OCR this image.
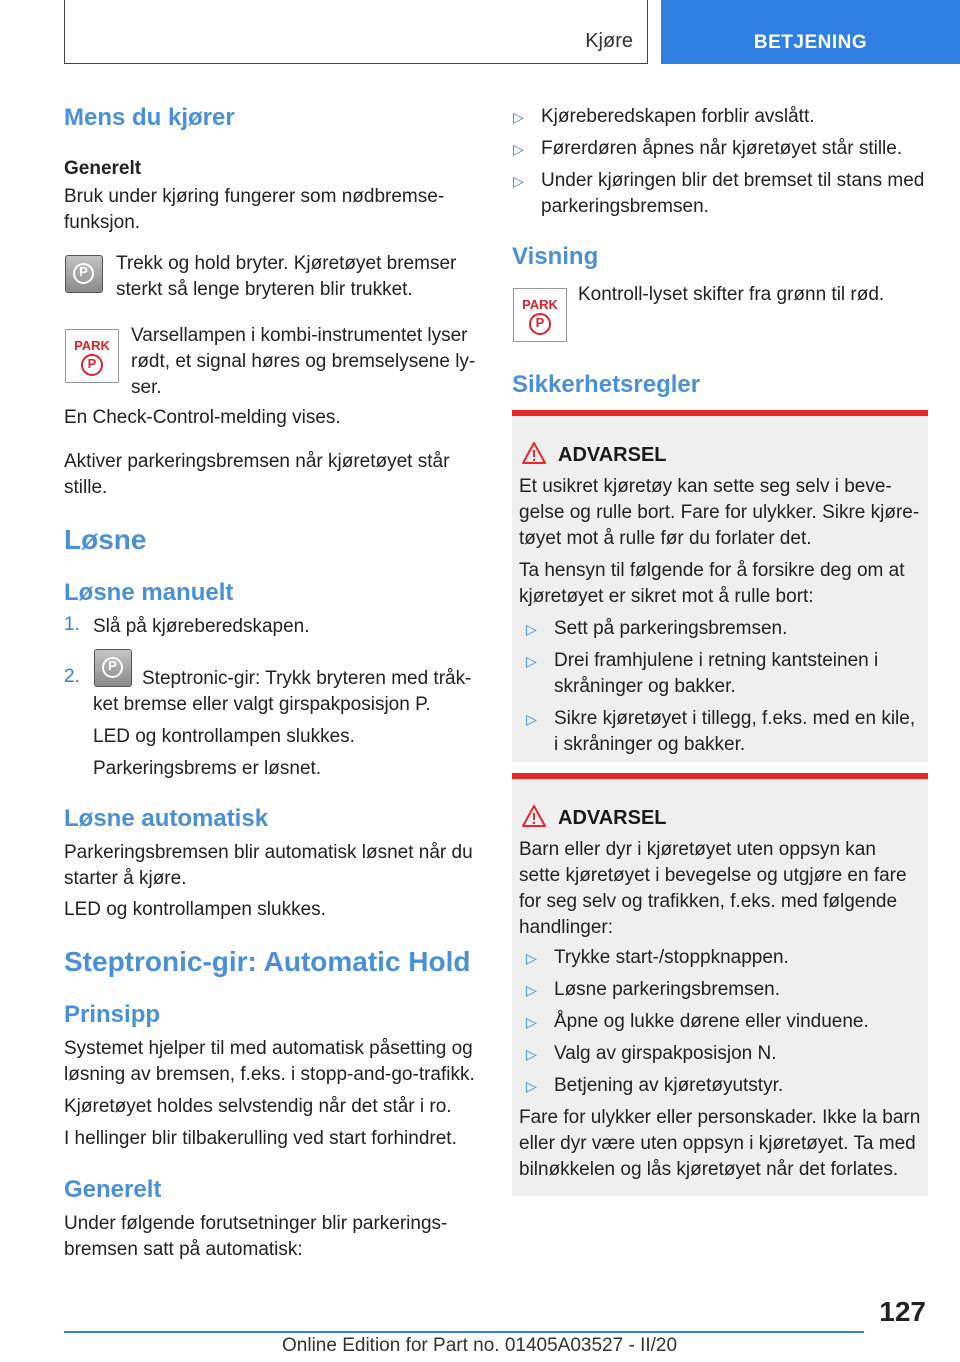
Kjøre	BETJENING
Mens du kjører
Generelt
Bruk under kjøring fungerer som nødbremse-
funksjon.
P
Trekk og hold bryter. Kjøretøyet bremser
sterkt så lenge bryteren blir trukket.
PARK
P	Varsellampen i kombi-instrumentet lyser
rødt, et signal høres og bremselysene ly-
ser.
En Check-Control-melding vises.
Aktiver parkeringsbremsen når kjøretøyet står
stille.
Løsne
Løsne manuelt
1. Slå på kjøreberedskapen.
2.
P	Steptronic-gir: Trykk bryteren med tråk-
ket bremse eller valgt girspakposisjon P.
LED og kontrollampen slukkes.
Parkeringsbrems er løsnet.
Løsne automatisk
Parkeringsbremsen blir automatisk løsnet når du
starter å kjøre.
LED og kontrollampen slukkes.
Steptronic-gir: Automatic Hold
Prinsipp
Systemet hjelper til med automatisk påsetting og
løsning av bremsen, f.eks. i stopp-and-go-trafikk.
Kjøretøyet holdes selvstendig når det står i ro.
I hellinger blir tilbakerulling ved start forhindret.
Generelt
Under følgende forutsetninger blir parkerings-
bremsen satt på automatisk:
▷ Kjøreberedskapen forblir avslått.
▷ Førerdøren åpnes når kjøretøyet står stille.
▷ Under kjøringen blir det bremset til stans med
parkeringsbremsen.
Visning
PARK
P	Kontroll-lyset skifter fra grønn til rød.
Sikkerhetsregler
ADVARSEL
Et usikret kjøretøy kan sette seg selv i beve-
gelse og rulle bort. Fare for ulykker. Sikre kjøre-
tøyet mot å rulle før du forlater det.
Ta hensyn til følgende for å forsikre deg om at
kjøretøyet er sikret mot å rulle bort:
▷ Sett på parkeringsbremsen.
▷ Drei framhjulene i retning kantsteinen i
skråninger og bakker.
▷ Sikre kjøretøyet i tillegg, f.eks. med en kile,
i skråninger og bakker.
ADVARSEL
Barn eller dyr i kjøretøyet uten oppsyn kan
sette kjøretøyet i bevegelse og utgjøre en fare
for seg selv og trafikken, f.eks. med følgende
handlinger:
▷ Trykke start-/stoppknappen.
▷ Løsne parkeringsbremsen.
▷ Åpne og lukke dørene eller vinduene.
▷ Valg av girspakposisjon N.
▷ Betjening av kjøretøyutstyr.
Fare for ulykker eller personskader. Ikke la barn
eller dyr være uten oppsyn i kjøretøyet. Ta med
bilnøkkelen og lås kjøretøyet når det forlates.
127
Online Edition for Part no. 01405A03527 - II/20
